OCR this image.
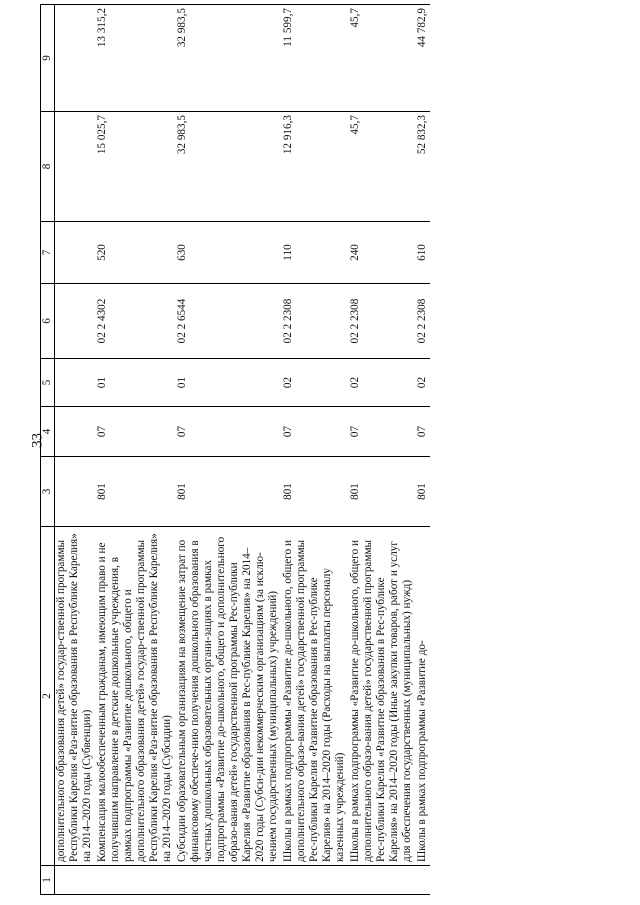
33
1	2	3	4	5	6	7	8	9
	дополнительного образования детей» государ-ственной программы Республики Карелия «Раз-витие образования в Республике Карелия» на 2014–2020 годы (Субвенции)							
	Компенсация малообеспеченным гражданам, имеющим право и не получившим направление в детские дошкольные учреждения, в рамках подпрограммы «Развитие дошкольного, общего и дополнительного образования детей» государ-ственной программы Республики Карелия «Раз-витие образования в Республике Карелия» на 2014–2020 годы (Субсидии)	801	07	01	02 2 4302	520	15 025,7	13 315,2
	Субсидии образовательным организациям на возмещение затрат по финансовому обеспече-нию получения дошкольного образования в частных дошкольных образовательных органи-зациях в рамках подпрограммы «Развитие до-школьного, общего и дополнительного образо-вания детей» государственной программы Рес-публики Карелия «Развитие образования в Рес-публике Карелия» на 2014–2020 годы (Субси-дии некоммерческим организациям (за исклю-чением государственных (муниципальных) учреждений)	801	07	01	02 2 6544	630	32 983,5	32 983,5
	Школы в рамках подпрограммы «Развитие до-школьного, общего и дополнительного образо-вания детей» государственной программы Рес-публики Карелия «Развитие образования в Рес-публике Карелия» на 2014–2020 годы (Расходы на выплаты персоналу казенных учреждений)	801	07	02	02 2 2308	110	12 916,3	11 599,7
	Школы в рамках подпрограммы «Развитие до-школьного, общего и дополнительного образо-вания детей» государственной программы Рес-публики Карелия «Развитие образования в Рес-публике Карелия» на 2014–2020 годы (Иные закупки товаров, работ и услуг для обеспечения государственных (муниципальных) нужд)	801	07	02	02 2 2308	240	45,7	45,7
	Школы в рамках подпрограммы «Развитие до-	801	07	02	02 2 2308	610	52 832,3	44 782,9
